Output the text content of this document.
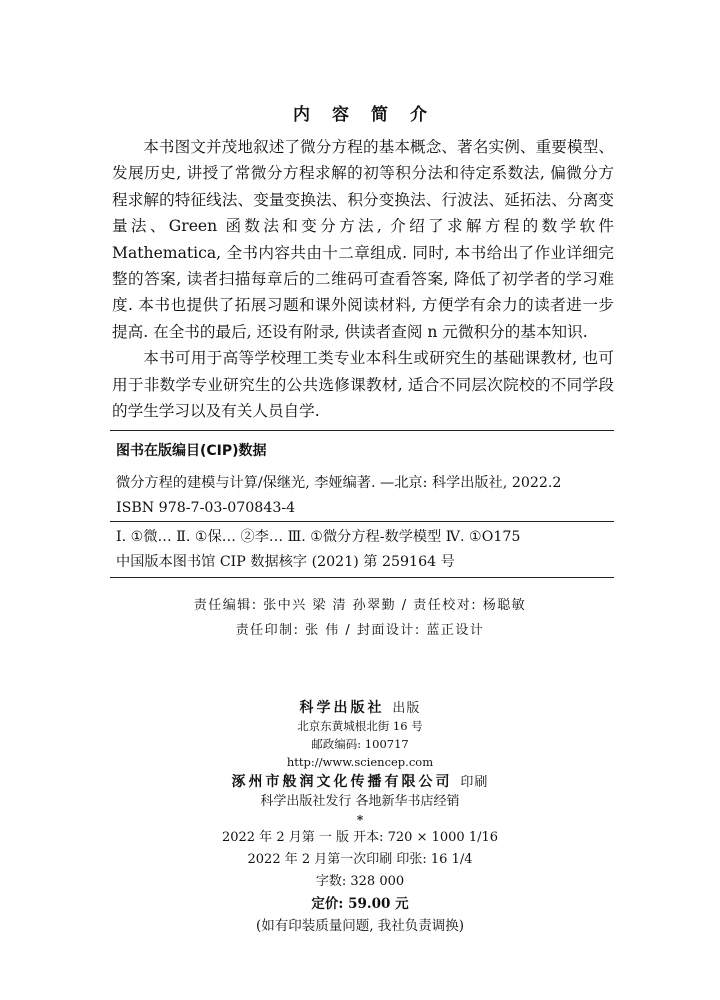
内容简介

本书图文并茂地叙述了微分方程的基本概念、著名实例、重要模型、发展历史, 讲授了常微分方程求解的初等积分法和待定系数法, 偏微分方程求解的特征线法、变量变换法、积分变换法、行波法、延拓法、分离变量法、Green 函数法和变分方法, 介绍了求解方程的数学软件 Mathematica, 全书内容共由十二章组成. 同时, 本书给出了作业详细完整的答案, 读者扫描每章后的二维码可查看答案, 降低了初学者的学习难度. 本书也提供了拓展习题和课外阅读材料, 方便学有余力的读者进一步提高. 在全书的最后, 还设有附录, 供读者查阅 n 元微积分的基本知识.

本书可用于高等学校理工类专业本科生或研究生的基础课教材, 也可用于非数学专业研究生的公共选修课教材, 适合不同层次院校的不同学段的学生学习以及有关人员自学.

图书在版编目(CIP)数据
微分方程的建模与计算/保继光, 李娅编著. —北京: 科学出版社, 2022.2
ISBN 978-7-03-070843-4
Ⅰ. ①微… Ⅱ. ①保… ②李… Ⅲ. ①微分方程-数学模型 Ⅳ. ①O175
中国版本图书馆 CIP 数据核字 (2021) 第 259164 号
责任编辑: 张中兴 梁 清 孙翠勤 / 责任校对: 杨聪敏
责任印制: 张 伟 / 封面设计: 蓝正设计
科学出版社 出版
北京东黄城根北街 16 号
邮政编码: 100717
http://www.sciencep.com
涿州市般润文化传播有限公司 印刷
科学出版社发行 各地新华书店经销
*
2022 年 2 月第 一 版 开本: 720 × 1000 1/16
2022 年 2 月第一次印刷 印张: 16 1/4
字数: 328 000
定价: 59.00 元
(如有印装质量问题, 我社负责调换)
